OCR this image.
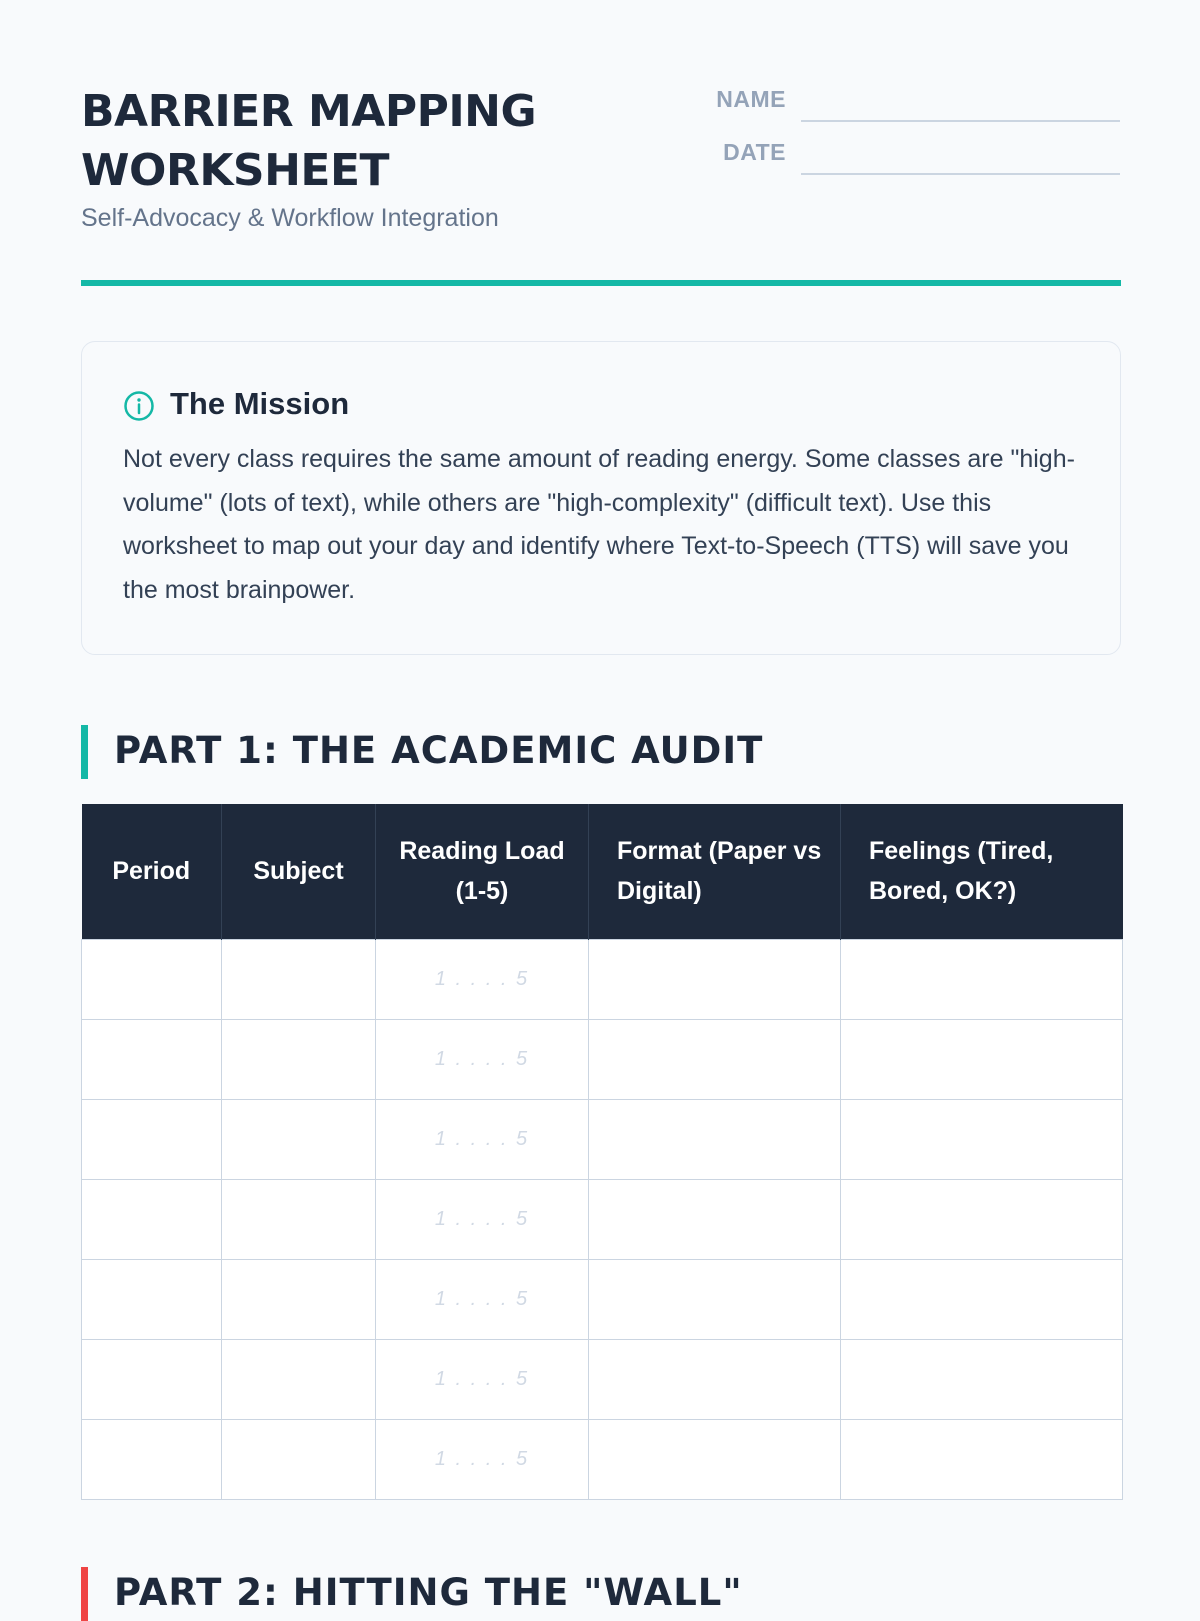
BARRIER MAPPING
WORKSHEET

Self-Advocacy & Workflow Integration

NAME
DATE
The Mission

Not every class requires the same amount of reading energy. Some classes are "high-volume" (lots of text), while others are "high-complexity" (difficult text). Use this worksheet to map out your day and identify where Text-to-Speech (TTS) will save you the most brainpower.

PART 1: THE ACADEMIC AUDIT
Period	Subject	Reading Load (1-5)	Format (Paper vs Digital)	Feelings (Tired, Bored, OK?)
		1 . . . . 5		
		1 . . . . 5		
		1 . . . . 5		
		1 . . . . 5		
		1 . . . . 5		
		1 . . . . 5		
		1 . . . . 5		
PART 2: HITTING THE "WALL"
